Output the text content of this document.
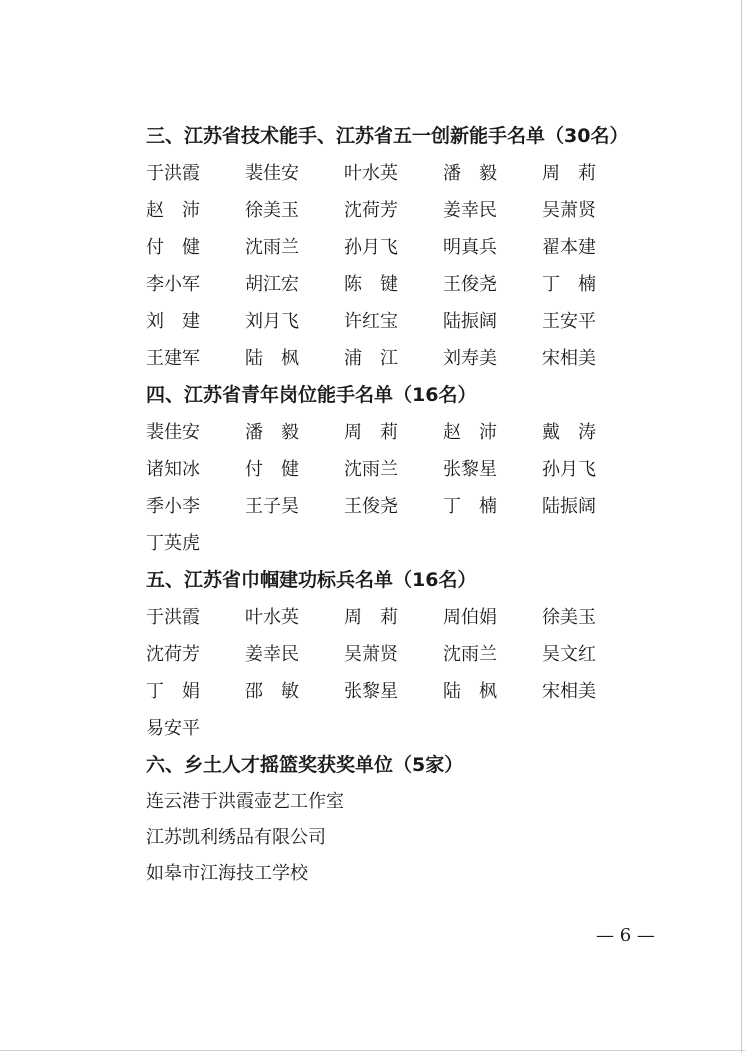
三、江苏省技术能手、江苏省五一创新能手名单（30名）
于洪霞	裴佳安	叶水英	潘　毅	周　莉
赵　沛	徐美玉	沈荷芳	姜幸民	吴萧贤
付　健	沈雨兰	孙月飞	明真兵	翟本建
李小军	胡江宏	陈　键	王俊尧	丁　楠
刘　建	刘月飞	许红宝	陆振阔	王安平
王建军	陆　枫	浦　江	刘寿美	宋相美
四、江苏省青年岗位能手名单（16名）
裴佳安	潘　毅	周　莉	赵　沛	戴　涛
诸知冰	付　健	沈雨兰	张黎星	孙月飞
季小李	王子昊	王俊尧	丁　楠	陆振阔
丁英虎
五、江苏省巾帼建功标兵名单（16名）
于洪霞	叶水英	周　莉	周伯娟	徐美玉
沈荷芳	姜幸民	吴萧贤	沈雨兰	吴文红
丁　娟	邵　敏	张黎星	陆　枫	宋相美
易安平
六、乡土人才摇篮奖获奖单位（5家）
连云港于洪霞壶艺工作室
江苏凯利绣品有限公司
如皋市江海技工学校
— 6 —
